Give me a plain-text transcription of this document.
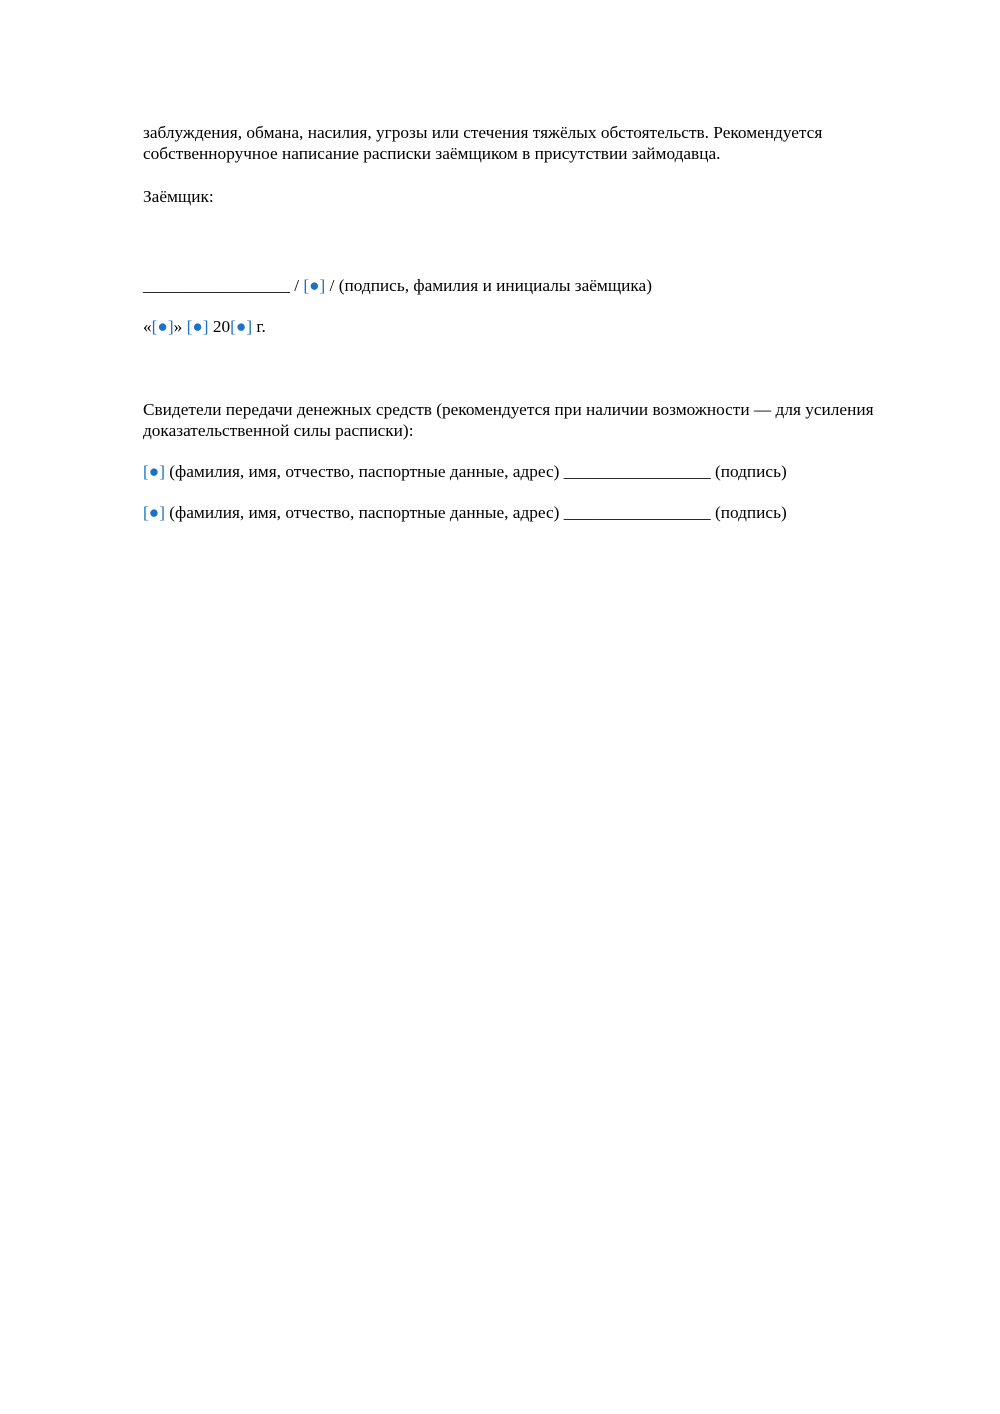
заблуждения, обмана, насилия, угрозы или стечения тяжёлых обстоятельств. Рекомендуется
собственноручное написание расписки заёмщиком в присутствии займодавца.

Заёмщик:

_________________ / [●] / (подпись, фамилия и инициалы заёмщика)

«[●]» [●] 20[●] г.

Свидетели передачи денежных средств (рекомендуется при наличии возможности — для усиления
доказательственной силы расписки):

[●] (фамилия, имя, отчество, паспортные данные, адрес) _________________ (подпись)

[●] (фамилия, имя, отчество, паспортные данные, адрес) _________________ (подпись)
